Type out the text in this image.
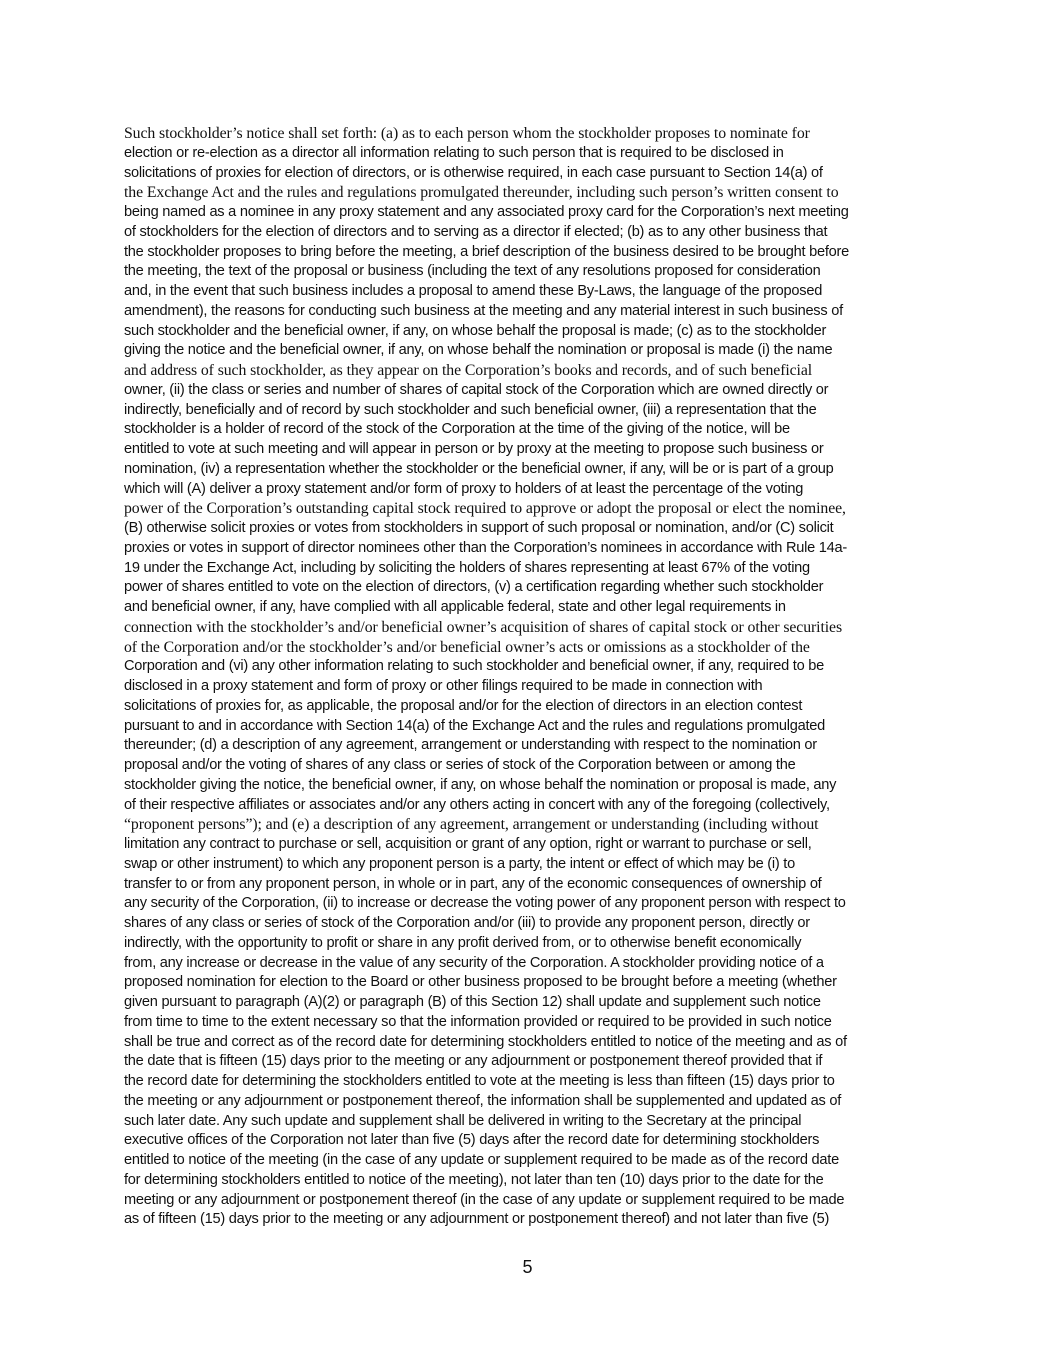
Such stockholder’s notice shall set forth: (a) as to each person whom the stockholder proposes to nominate for
election or re-election as a director all information relating to such person that is required to be disclosed in
solicitations of proxies for election of directors, or is otherwise required, in each case pursuant to Section 14(a) of
the Exchange Act and the rules and regulations promulgated thereunder, including such person’s written consent to
being named as a nominee in any proxy statement and any associated proxy card for the Corporation’s next meeting
of stockholders for the election of directors and to serving as a director if elected; (b) as to any other business that
the stockholder proposes to bring before the meeting, a brief description of the business desired to be brought before
the meeting, the text of the proposal or business (including the text of any resolutions proposed for consideration
and, in the event that such business includes a proposal to amend these By-Laws, the language of the proposed
amendment), the reasons for conducting such business at the meeting and any material interest in such business of
such stockholder and the beneficial owner, if any, on whose behalf the proposal is made; (c) as to the stockholder
giving the notice and the beneficial owner, if any, on whose behalf the nomination or proposal is made (i) the name
and address of such stockholder, as they appear on the Corporation’s books and records, and of such beneficial
owner, (ii) the class or series and number of shares of capital stock of the Corporation which are owned directly or
indirectly, beneficially and of record by such stockholder and such beneficial owner, (iii) a representation that the
stockholder is a holder of record of the stock of the Corporation at the time of the giving of the notice, will be
entitled to vote at such meeting and will appear in person or by proxy at the meeting to propose such business or
nomination, (iv) a representation whether the stockholder or the beneficial owner, if any, will be or is part of a group
which will (A) deliver a proxy statement and/or form of proxy to holders of at least the percentage of the voting
power of the Corporation’s outstanding capital stock required to approve or adopt the proposal or elect the nominee,
(B) otherwise solicit proxies or votes from stockholders in support of such proposal or nomination, and/or (C) solicit
proxies or votes in support of director nominees other than the Corporation’s nominees in accordance with Rule 14a-
19 under the Exchange Act, including by soliciting the holders of shares representing at least 67% of the voting
power of shares entitled to vote on the election of directors, (v) a certification regarding whether such stockholder
and beneficial owner, if any, have complied with all applicable federal, state and other legal requirements in
connection with the stockholder’s and/or beneficial owner’s acquisition of shares of capital stock or other securities
of the Corporation and/or the stockholder’s and/or beneficial owner’s acts or omissions as a stockholder of the
Corporation and (vi) any other information relating to such stockholder and beneficial owner, if any, required to be
disclosed in a proxy statement and form of proxy or other filings required to be made in connection with
solicitations of proxies for, as applicable, the proposal and/or for the election of directors in an election contest
pursuant to and in accordance with Section 14(a) of the Exchange Act and the rules and regulations promulgated
thereunder; (d) a description of any agreement, arrangement or understanding with respect to the nomination or
proposal and/or the voting of shares of any class or series of stock of the Corporation between or among the
stockholder giving the notice, the beneficial owner, if any, on whose behalf the nomination or proposal is made, any
of their respective affiliates or associates and/or any others acting in concert with any of the foregoing (collectively,
“proponent persons”); and (e) a description of any agreement, arrangement or understanding (including without
limitation any contract to purchase or sell, acquisition or grant of any option, right or warrant to purchase or sell,
swap or other instrument) to which any proponent person is a party, the intent or effect of which may be (i) to
transfer to or from any proponent person, in whole or in part, any of the economic consequences of ownership of
any security of the Corporation, (ii) to increase or decrease the voting power of any proponent person with respect to
shares of any class or series of stock of the Corporation and/or (iii) to provide any proponent person, directly or
indirectly, with the opportunity to profit or share in any profit derived from, or to otherwise benefit economically
from, any increase or decrease in the value of any security of the Corporation. A stockholder providing notice of a
proposed nomination for election to the Board or other business proposed to be brought before a meeting (whether
given pursuant to paragraph (A)(2) or paragraph (B) of this Section 12) shall update and supplement such notice
from time to time to the extent necessary so that the information provided or required to be provided in such notice
shall be true and correct as of the record date for determining stockholders entitled to notice of the meeting and as of
the date that is fifteen (15) days prior to the meeting or any adjournment or postponement thereof provided that if
the record date for determining the stockholders entitled to vote at the meeting is less than fifteen (15) days prior to
the meeting or any adjournment or postponement thereof, the information shall be supplemented and updated as of
such later date. Any such update and supplement shall be delivered in writing to the Secretary at the principal
executive offices of the Corporation not later than five (5) days after the record date for determining stockholders
entitled to notice of the meeting (in the case of any update or supplement required to be made as of the record date
for determining stockholders entitled to notice of the meeting), not later than ten (10) days prior to the date for the
meeting or any adjournment or postponement thereof (in the case of any update or supplement required to be made
as of fifteen (15) days prior to the meeting or any adjournment or postponement thereof) and not later than five (5)

5
